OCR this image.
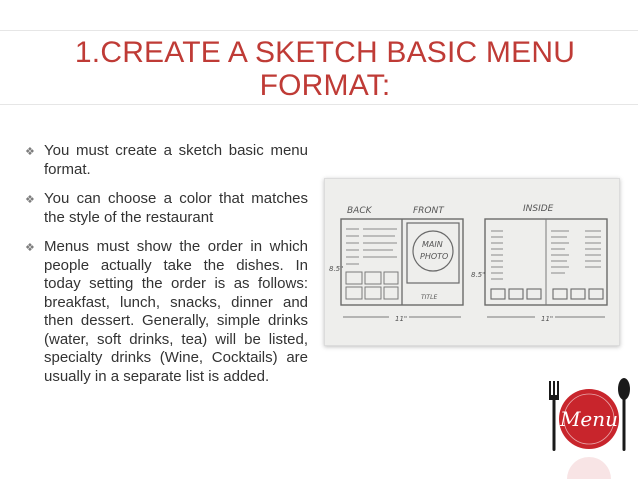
1.CREATE A SKETCH BASIC MENU
FORMAT:
❖ You must create a sketch basic menu format.
❖ You can choose a color that matches the style of the restaurant
❖ Menus must show the order in which people actually take the dishes. In today setting the order is as follows: breakfast, lunch, snacks, dinner and then dessert. Generally, simple drinks (water, soft drinks, tea) will be listed, specialty drinks (Wine, Cocktails) are usually in a separate list is added.
MAIN
PHOTO
TITLE
BACK	FRONT	INSIDE
8.5"
8.5"
11"	11"
Menu
